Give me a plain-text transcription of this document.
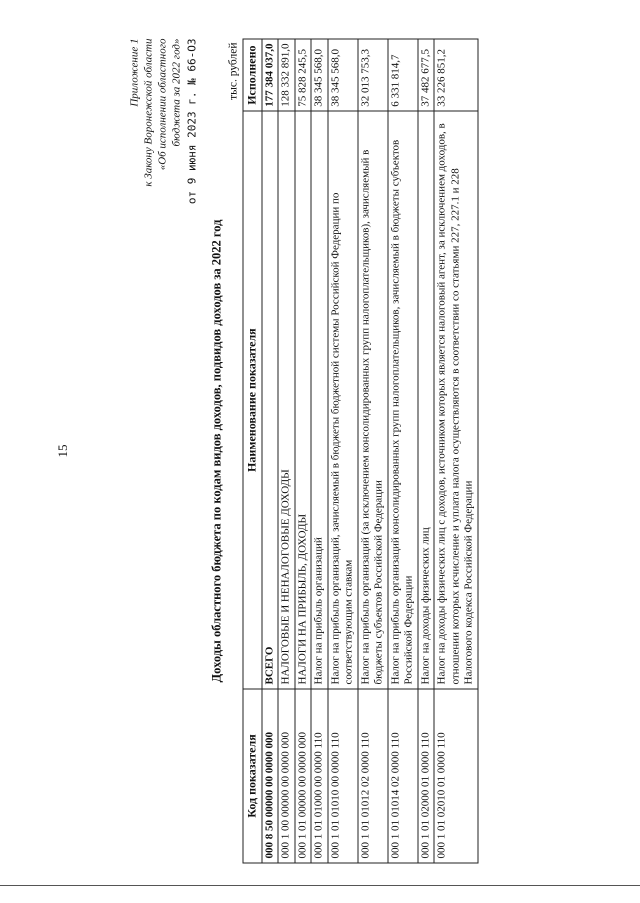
15
Приложение 1 к Закону Воронежской области «Об исполнении областного бюджета за 2022 год» от 9 июня 2023 г. № 66-ОЗ
Доходы областного бюджета по кодам видов доходов, подвидов доходов за 2022 год
тыс. рублей
Код показателя	Наименование показателя	Исполнено
000 8 50 00000 00 0000 000	ВСЕГО	177 384 037,0
000 1 00 00000 00 0000 000	НАЛОГОВЫЕ И НЕНАЛОГОВЫЕ ДОХОДЫ	128 332 891,0
000 1 01 00000 00 0000 000	НАЛОГИ НА ПРИБЫЛЬ, ДОХОДЫ	75 828 245,5
000 1 01 01000 00 0000 110	Налог на прибыль организаций	38 345 568,0
000 1 01 01010 00 0000 110	Налог на прибыль организаций, зачисляемый в бюджеты бюджетной системы Российской Федерации по соответствующим ставкам	38 345 568,0
000 1 01 01012 02 0000 110	Налог на прибыль организаций (за исключением консолидированных групп налогоплательщиков), зачисляемый в бюджеты субъектов Российской Федерации	32 013 753,3
000 1 01 01014 02 0000 110	Налог на прибыль организаций консолидированных групп налогоплательщиков, зачисляемый в бюджеты субъектов Российской Федерации	6 331 814,7
000 1 01 02000 01 0000 110	Налог на доходы физических лиц	37 482 677,5
000 1 01 02010 01 0000 110	Налог на доходы физических лиц с доходов, источником которых является налоговый агент, за исключением доходов, в отношении которых исчисление и уплата налога осуществляются в соответствии со статьями 227, 227.1 и 228 Налогового кодекса Российской Федерации	33 226 851,2
